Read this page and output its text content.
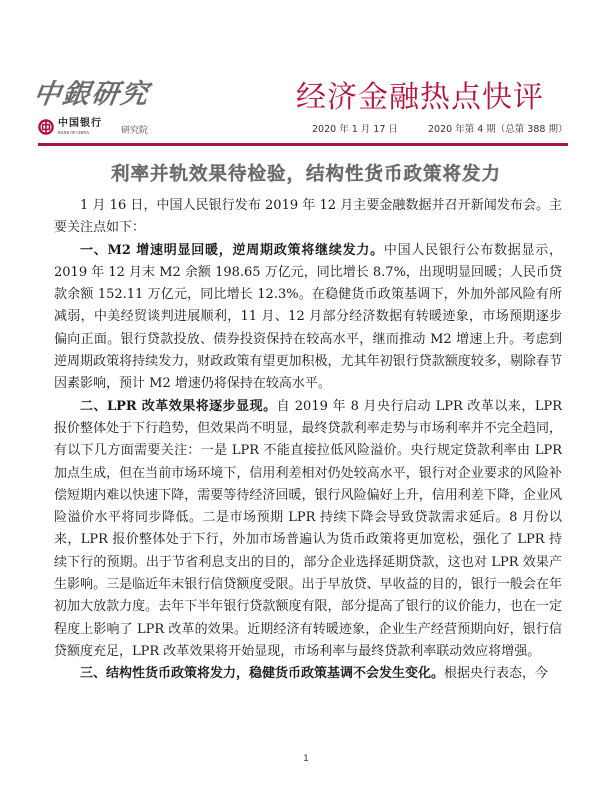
中銀研究	经济金融热点快评
中国银行
BANK OF CHINA	研究院	2020 年 1 月 17 日	2020 年第 4 期（总第 388 期）
利率并轨效果待检验，结构性货币政策将发力

1 月 16 日，中国人民银行发布 2019 年 12 月主要金融数据并召开新闻发布会。主要关注点如下：

一、M2 增速明显回暖，逆周期政策将继续发力。中国人民银行公布数据显示，2019 年 12 月末 M2 余额 198.65 万亿元，同比增长 8.7%，出现明显回暖；人民币贷款余额 152.11 万亿元，同比增长 12.3%。在稳健货币政策基调下，外加外部风险有所减弱，中美经贸谈判进展顺利，11 月、12 月部分经济数据有转暖迹象，市场预期逐步偏向正面。银行贷款投放、债券投资保持在较高水平，继而推动 M2 增速上升。考虑到逆周期政策将持续发力，财政政策有望更加积极，尤其年初银行贷款额度较多，剔除春节因素影响，预计 M2 增速仍将保持在较高水平。

二、LPR 改革效果将逐步显现。自 2019 年 8 月央行启动 LPR 改革以来，LPR 报价整体处于下行趋势，但效果尚不明显，最终贷款利率走势与市场利率并不完全趋同，有以下几方面需要关注：一是 LPR 不能直接拉低风险溢价。央行规定贷款利率由 LPR 加点生成，但在当前市场环境下，信用利差相对仍处较高水平，银行对企业要求的风险补偿短期内难以快速下降，需要等待经济回暖，银行风险偏好上升，信用利差下降，企业风险溢价水平将同步降低。二是市场预期 LPR 持续下降会导致贷款需求延后。8 月份以来，LPR 报价整体处于下行，外加市场普遍认为货币政策将更加宽松，强化了 LPR 持续下行的预期。出于节省利息支出的目的，部分企业选择延期贷款，这也对 LPR 效果产生影响。三是临近年末银行信贷额度受限。出于早放贷、早收益的目的，银行一般会在年初加大放款力度。去年下半年银行贷款额度有限，部分提高了银行的议价能力，也在一定程度上影响了 LPR 改革的效果。近期经济有转暖迹象，企业生产经营预期向好，银行信贷额度充足，LPR 改革效果将开始显现，市场利率与最终贷款利率联动效应将增强。

三、结构性货币政策将发力，稳健货币政策基调不会发生变化。根据央行表态，今

1
